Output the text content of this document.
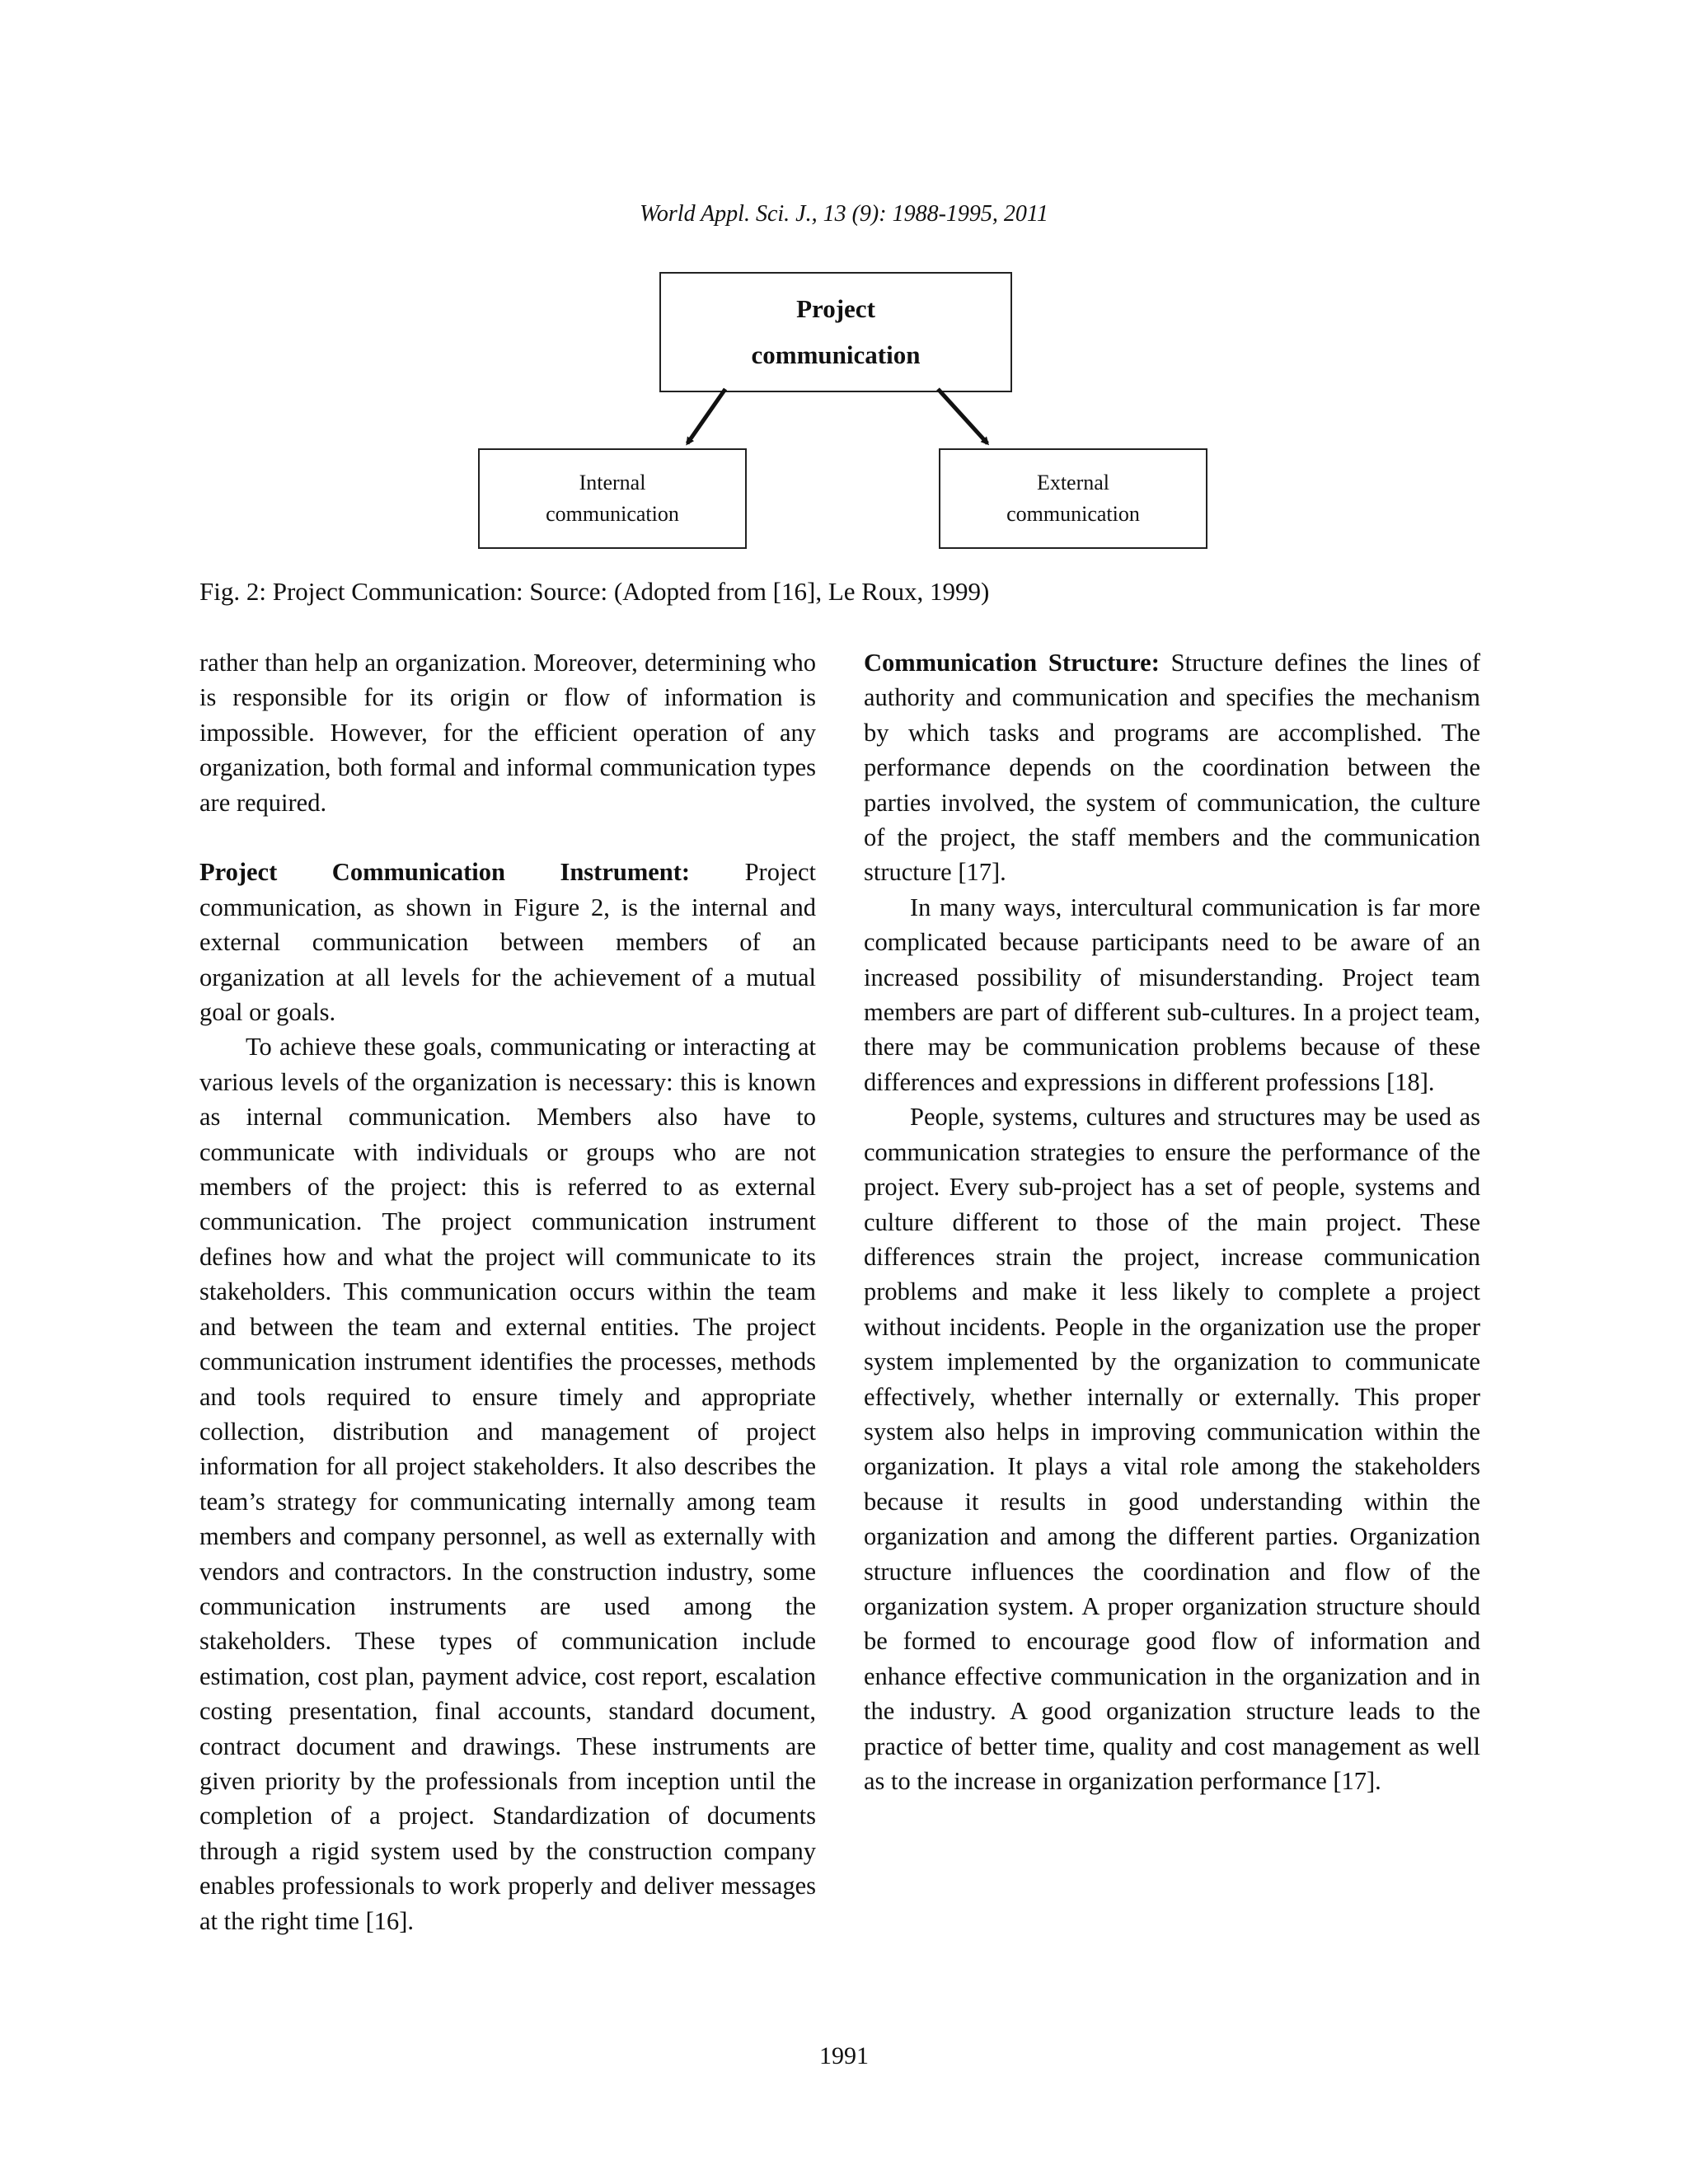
World Appl. Sci. J., 13 (9): 1988-1995, 2011
Project
communication
Internal
communication
External
communication
Fig. 2: Project Communication: Source: (Adopted from [16], Le Roux, 1999)

rather than help an organization. Moreover, determining who is responsible for its origin or flow of information is impossible. However, for the efficient operation of any organization, both formal and informal communication types are required.

Project Communication Instrument: Project communication, as shown in Figure 2, is the internal and external communication between members of an organization at all levels for the achievement of a mutual goal or goals.

To achieve these goals, communicating or interacting at various levels of the organization is necessary: this is known as internal communication. Members also have to communicate with individuals or groups who are not members of the project: this is referred to as external communication. The project communication instrument defines how and what the project will communicate to its stakeholders. This communication occurs within the team and between the team and external entities. The project communication instrument identifies the processes, methods and tools required to ensure timely and appropriate collection, distribution and management of project information for all project stakeholders. It also describes the team’s strategy for communicating internally among team members and company personnel, as well as externally with vendors and contractors. In the construction industry, some communication instruments are used among the stakeholders. These types of communication include estimation, cost plan, payment advice, cost report, escalation costing presentation, final accounts, standard document, contract document and drawings. These instruments are given priority by the professionals from inception until the completion of a project. Standardization of documents through a rigid system used by the construction company enables professionals to work properly and deliver messages at the right time [16].

Communication Structure: Structure defines the lines of authority and communication and specifies the mechanism by which tasks and programs are accomplished. The performance depends on the coordination between the parties involved, the system of communication, the culture of the project, the staff members and the communication structure [17].

In many ways, intercultural communication is far more complicated because participants need to be aware of an increased possibility of misunderstanding. Project team members are part of different sub-cultures. In a project team, there may be communication problems because of these differences and expressions in different professions [18].

People, systems, cultures and structures may be used as communication strategies to ensure the performance of the project. Every sub-project has a set of people, systems and culture different to those of the main project. These differences strain the project, increase communication problems and make it less likely to complete a project without incidents. People in the organization use the proper system implemented by the organization to communicate effectively, whether internally or externally. This proper system also helps in improving communication within the organization. It plays a vital role among the stakeholders because it results in good understanding within the organization and among the different parties. Organization structure influences the coordination and flow of the organization system. A proper organization structure should be formed to encourage good flow of information and enhance effective communication in the organization and in the industry. A good organization structure leads to the practice of better time, quality and cost management as well as to the increase in organization performance [17].

1991
